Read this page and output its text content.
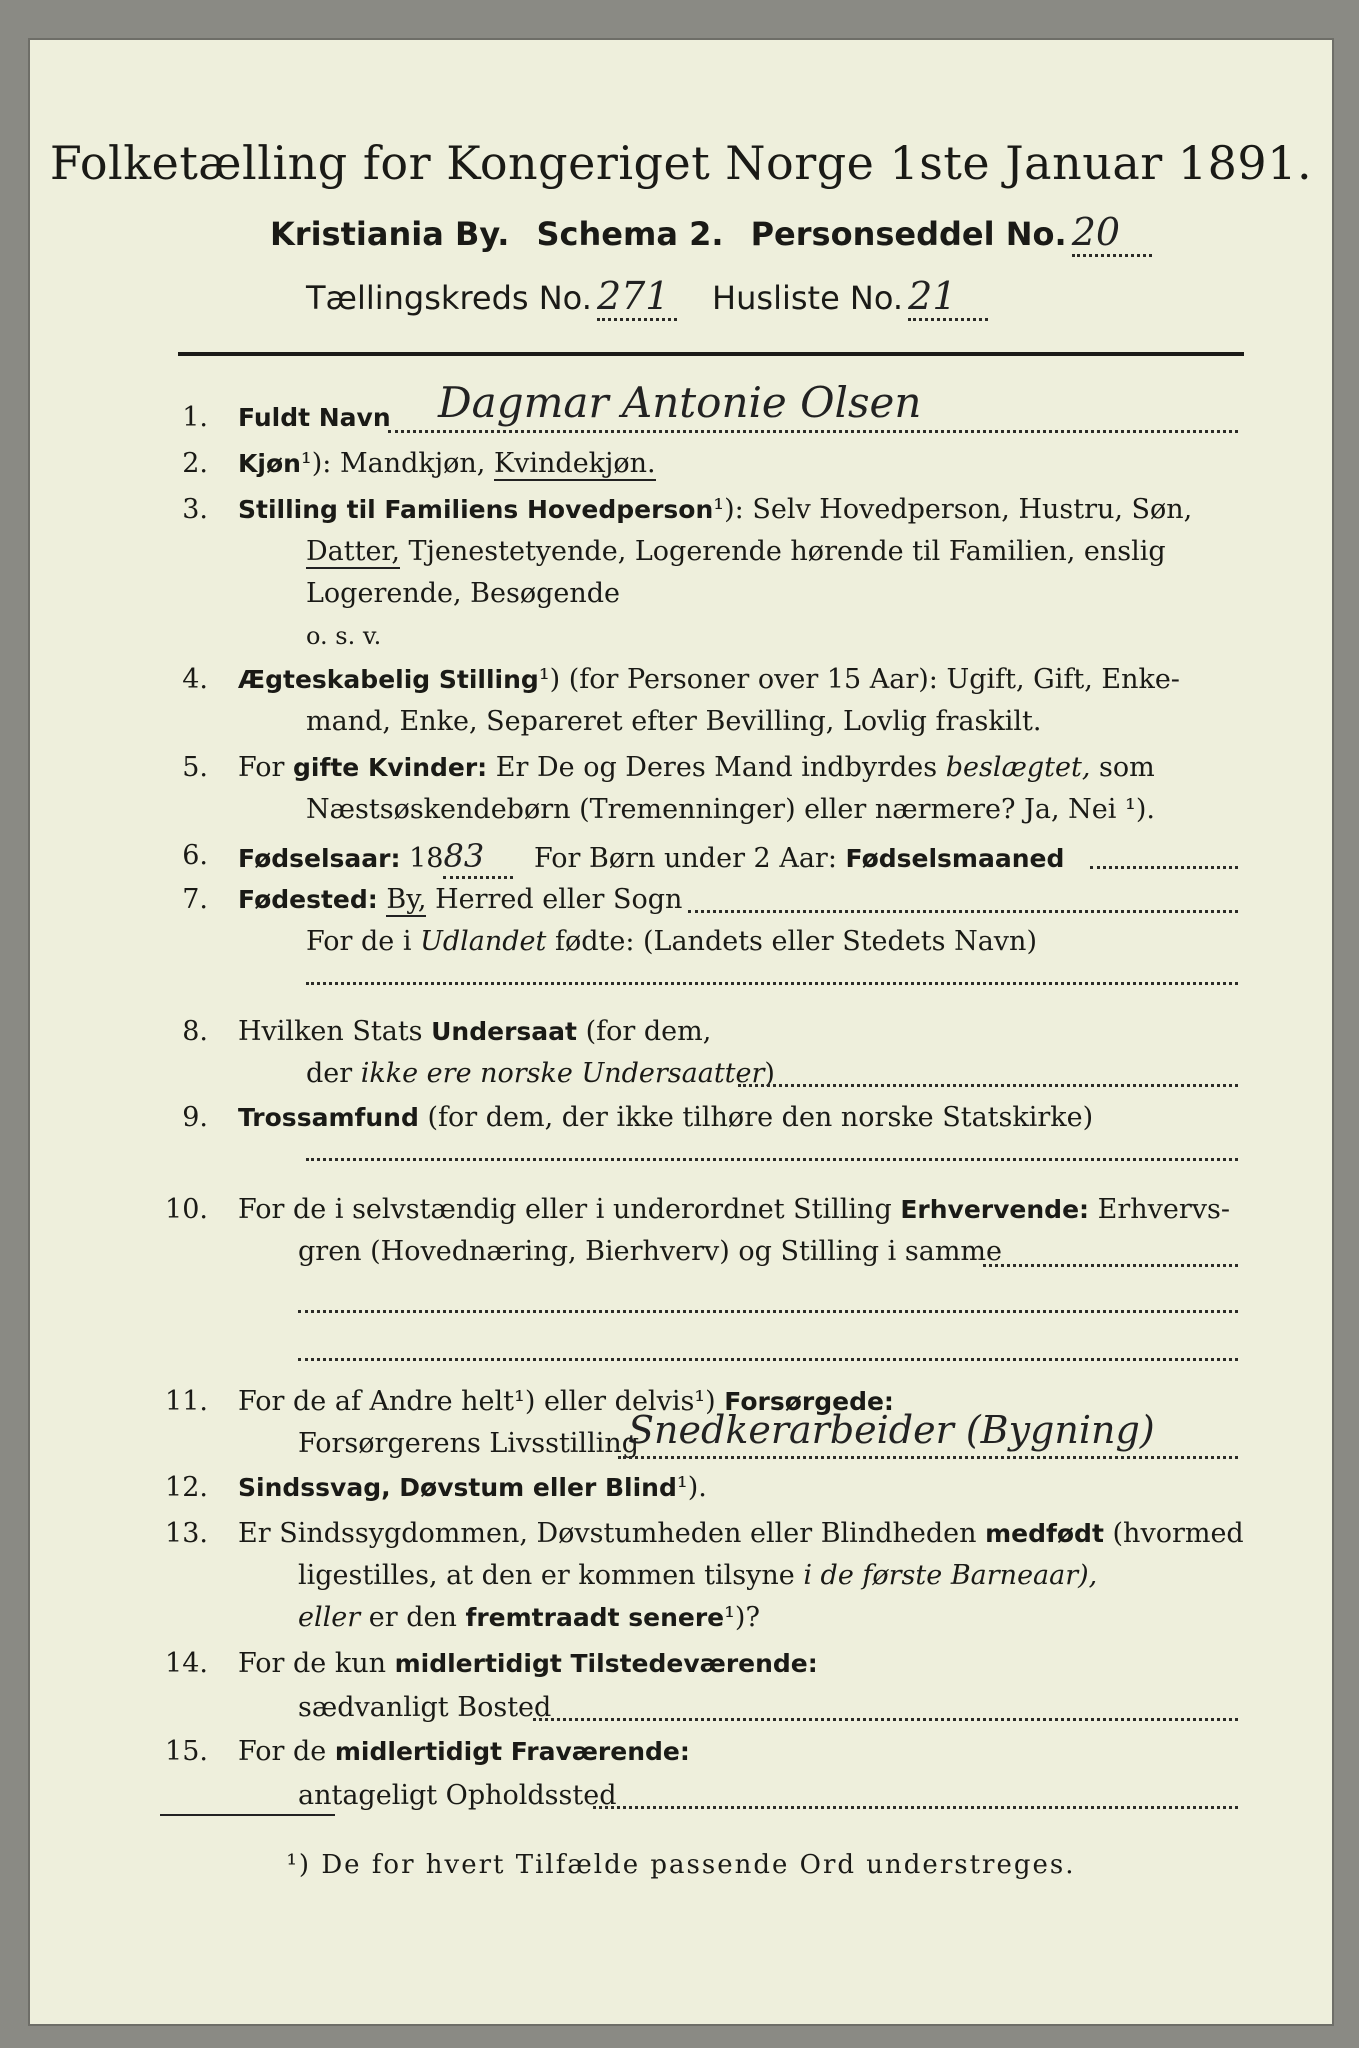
Folketælling for Kongeriget Norge 1ste Januar 1891.
Kristiania By. Schema 2. Personseddel No. 20
Tællingskreds No. 271 Husliste No. 21
1. Fuldt Navn Dagmar Antonie Olsen
2. Kjøn¹): Mandkjøn, Kvindekjøn.
3. Stilling til Familiens Hovedperson¹): Selv Hovedperson, Hustru, Søn,
Datter, Tjenestetyende, Logerende hørende til Familien, enslig
Logerende, Besøgende
o. s. v.
4. Ægteskabelig Stilling¹) (for Personer over 15 Aar): Ugift, Gift, Enke-
mand, Enke, Separeret efter Bevilling, Lovlig fraskilt.
5. For gifte Kvinder: Er De og Deres Mand indbyrdes beslægtet, som
Næstsøskendebørn (Tremenninger) eller nærmere? Ja, Nei ¹).
6. Fødselsaar: 1883 For Børn under 2 Aar: Fødselsmaaned
7. Fødested: By, Herred eller Sogn
For de i Udlandet fødte: (Landets eller Stedets Navn)
8. Hvilken Stats Undersaat (for dem,
der ikke ere norske Undersaatter)
9. Trossamfund (for dem, der ikke tilhøre den norske Statskirke)
10. For de i selvstændig eller i underordnet Stilling Erhvervende: Erhvervs-
gren (Hovednæring, Bierhverv) og Stilling i samme
11. For de af Andre helt¹) eller delvis¹) Forsørgede:
Forsørgerens Livsstilling
Snedkerarbeider (Bygning)
12. Sindssvag, Døvstum eller Blind¹).
13. Er Sindssygdommen, Døvstumheden eller Blindheden medfødt (hvormed
ligestilles, at den er kommen tilsyne i de første Barneaar),
eller er den fremtraadt senere¹)?
14. For de kun midlertidigt Tilstedeværende:
sædvanligt Bosted
15. For de midlertidigt Fraværende:
antageligt Opholdssted
¹) De for hvert Tilfælde passende Ord understreges.
